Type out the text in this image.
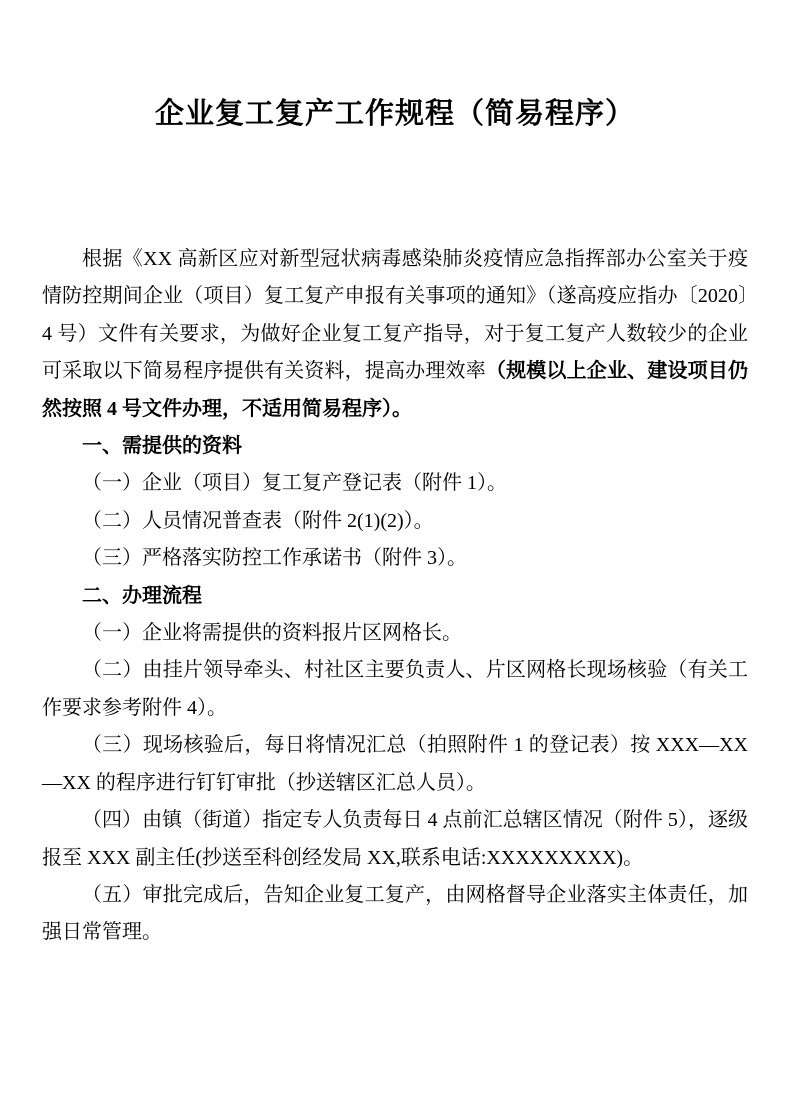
企业复工复产工作规程（简易程序）

根据《XX 高新区应对新型冠状病毒感染肺炎疫情应急指挥部办公室关于疫情防控期间企业（项目）复工复产申报有关事项的通知》（遂高疫应指办〔2020〕4 号）文件有关要求，为做好企业复工复产指导，对于复工复产人数较少的企业可采取以下简易程序提供有关资料，提高办理效率（规模以上企业、建设项目仍然按照 4 号文件办理，不适用简易程序）。

一、需提供的资料

（一）企业（项目）复工复产登记表（附件 1）。

（二）人员情况普查表（附件 2(1)(2)）。

（三）严格落实防控工作承诺书（附件 3）。

二、办理流程

（一）企业将需提供的资料报片区网格长。

（二）由挂片领导牵头、村社区主要负责人、片区网格长现场核验（有关工作要求参考附件 4）。

（三）现场核验后，每日将情况汇总（拍照附件 1 的登记表）按 XXX—XX—XX 的程序进行钉钉审批（抄送辖区汇总人员）。

（四）由镇（街道）指定专人负责每日 4 点前汇总辖区情况（附件 5），逐级报至 XXX 副主任(抄送至科创经发局 XX,联系电话:XXXXXXXXX)。

（五）审批完成后，告知企业复工复产，由网格督导企业落实主体责任，加强日常管理。
